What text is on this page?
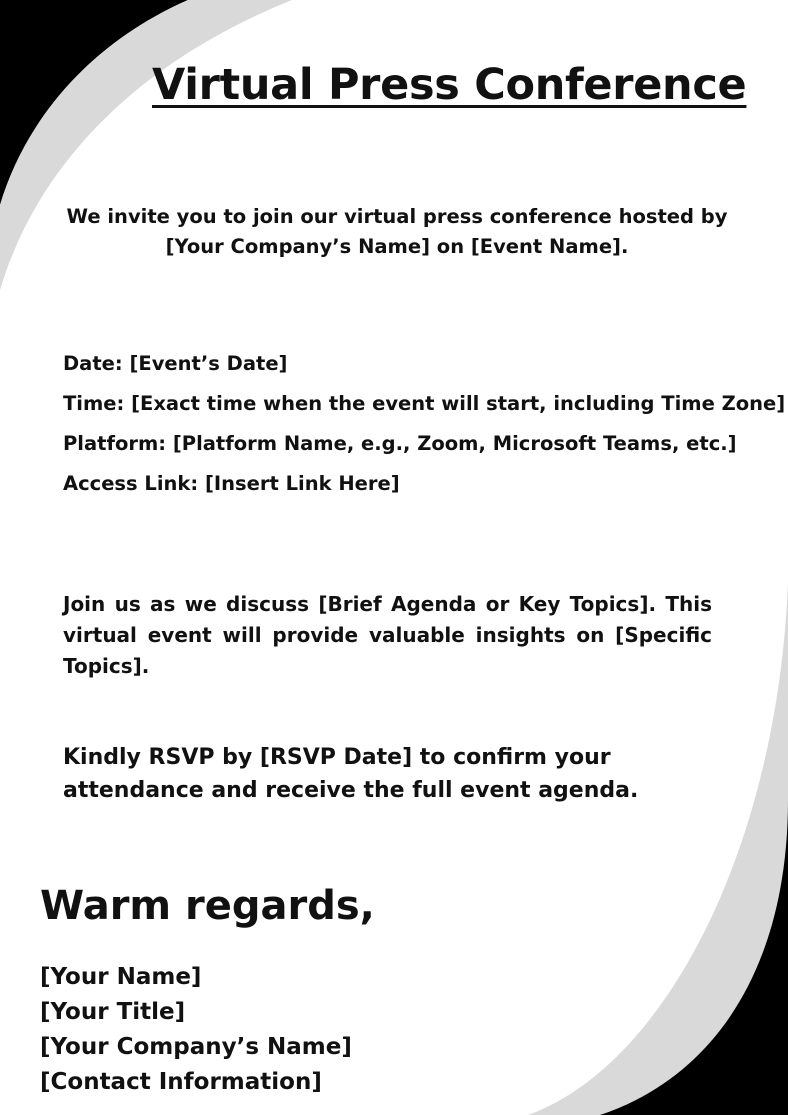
Virtual Press Conference

We invite you to join our virtual press conference hosted by [Your Company’s Name] on [Event Name].

Date: [Event’s Date]
Time: [Exact time when the event will start, including Time Zone]
Platform: [Platform Name, e.g., Zoom, Microsoft Teams, etc.]
Access Link: [Insert Link Here]

Join us as we discuss [Brief Agenda or Key Topics]. This virtual event will provide valuable insights on [Specific Topics].

Kindly RSVP by [RSVP Date] to confirm your attendance and receive the full event agenda.

Warm regards,

[Your Name]
[Your Title]
[Your Company’s Name]
[Contact Information]
